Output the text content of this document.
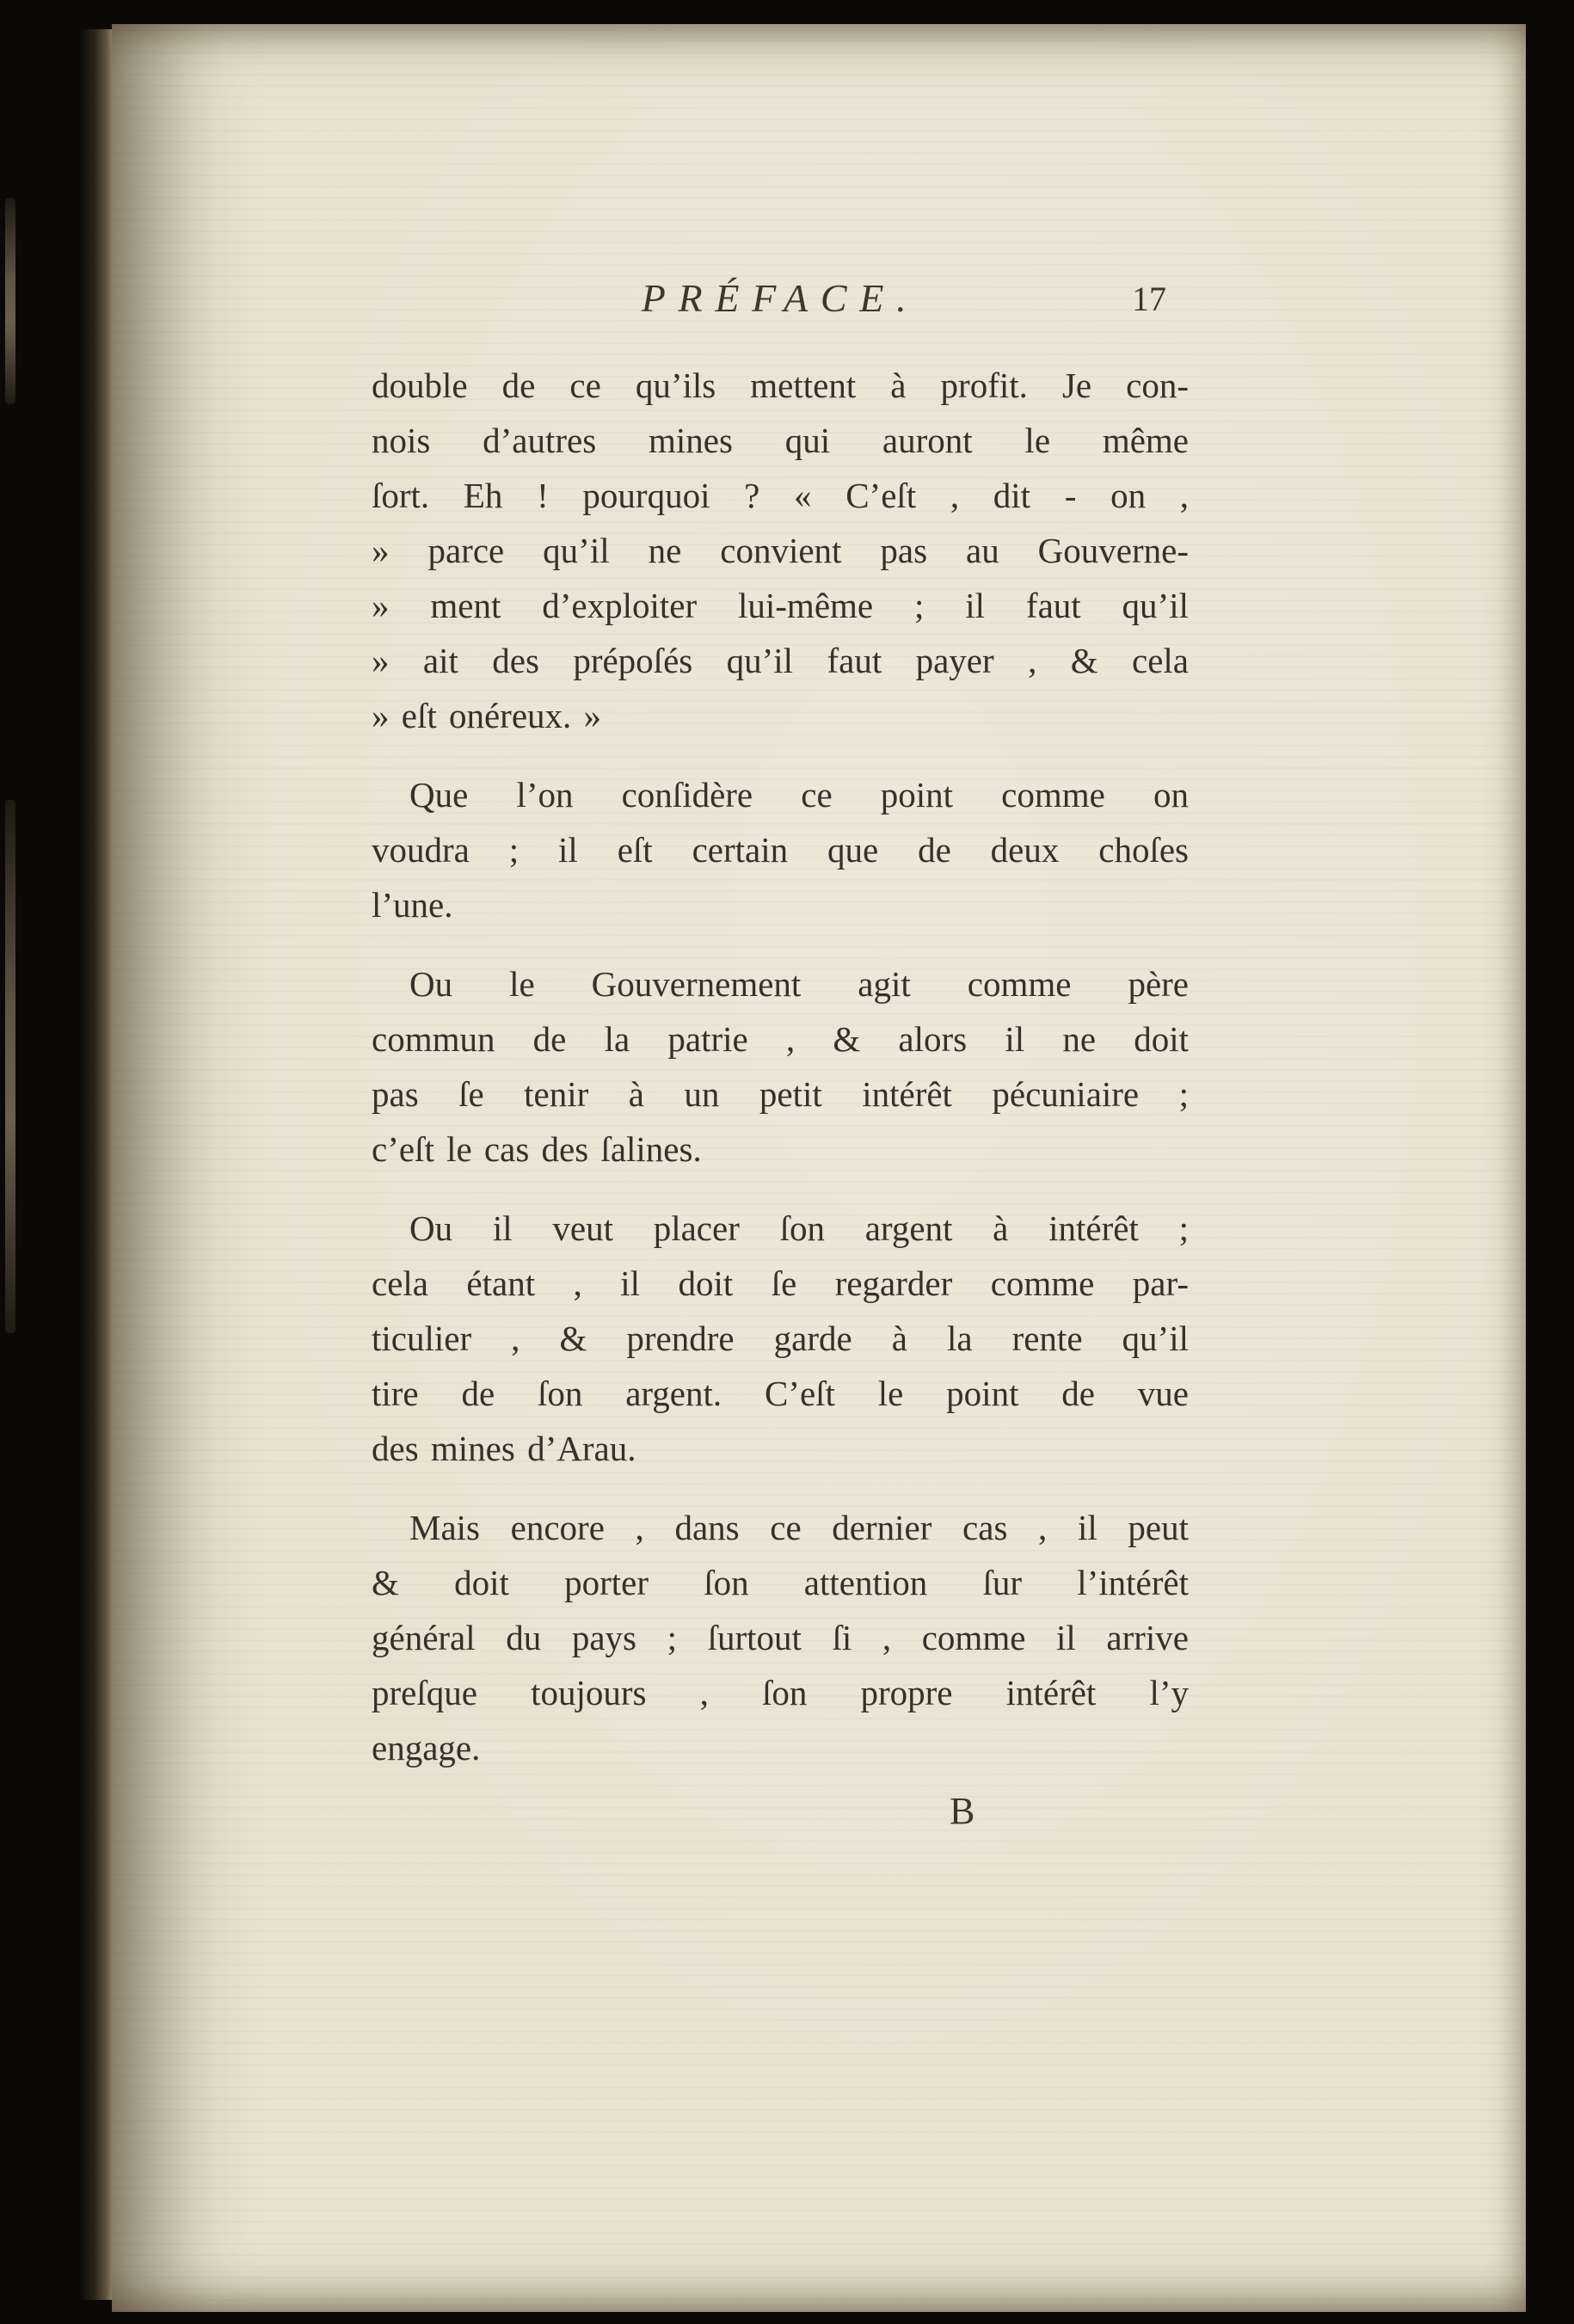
PRÉFACE.	17
double de ce qu’ils mettent à profit. Je con-
nois d’autres mines qui auront le même
ſort. Eh ! pourquoi ? « C’eſt , dit - on ,
» parce qu’il ne convient pas au Gouverne-
» ment d’exploiter lui-même ; il faut qu’il
» ait des prépoſés qu’il faut payer , & cela
» eſt onéreux. »
Que l’on conſidère ce point comme on
voudra ; il eſt certain que de deux choſes
l’une.
Ou le Gouvernement agit comme père
commun de la patrie , & alors il ne doit
pas ſe tenir à un petit intérêt pécuniaire ;
c’eſt le cas des ſalines.
Ou il veut placer ſon argent à intérêt ;
cela étant , il doit ſe regarder comme par-
ticulier , & prendre garde à la rente qu’il
tire de ſon argent. C’eſt le point de vue
des mines d’Arau.
Mais encore , dans ce dernier cas , il peut
& doit porter ſon attention ſur l’intérêt
général du pays ; ſurtout ſi , comme il arrive
preſque toujours , ſon propre intérêt l’y
engage.
B
